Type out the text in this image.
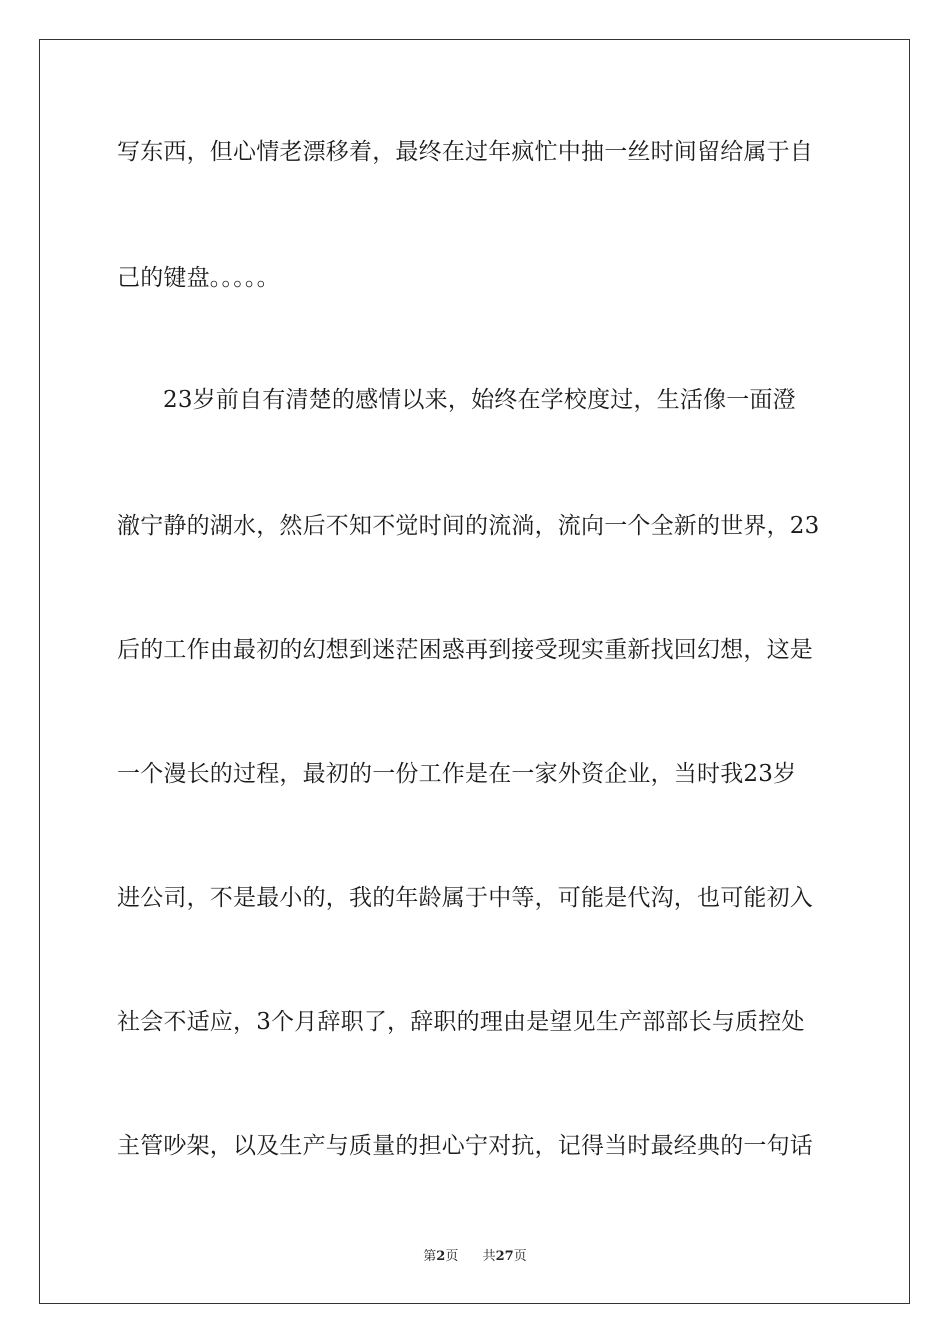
写东西，但心情老漂移着，最终在过年疯忙中抽一丝时间留给属于自
己的键盘。。。。。
23岁前自有清楚的感情以来，始终在学校度过，生活像一面澄
澈宁静的湖水，然后不知不觉时间的流淌，流向一个全新的世界，23
后的工作由最初的幻想到迷茫困惑再到接受现实重新找回幻想，这是
一个漫长的过程，最初的一份工作是在一家外资企业，当时我23岁
进公司，不是最小的，我的年龄属于中等，可能是代沟，也可能初入
社会不适应，3个月辞职了，辞职的理由是望见生产部部长与质控处
主管吵架，以及生产与质量的担心宁对抗，记得当时最经典的一句话
第2页 共27页
